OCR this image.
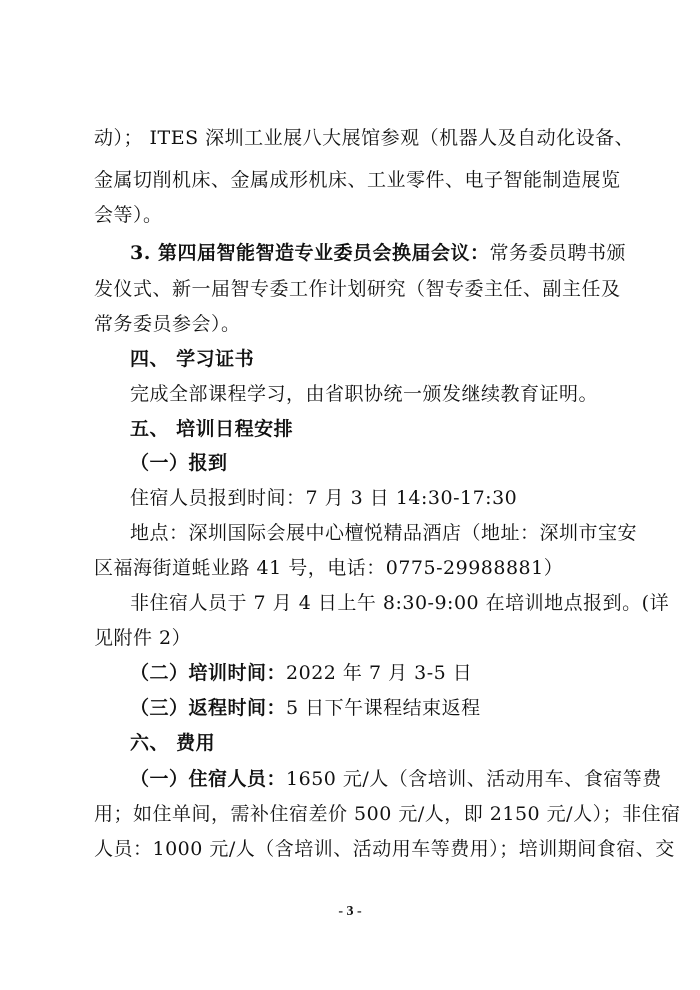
动）； ITES 深圳工业展八大展馆参观（机器人及自动化设备、
金属切削机床、金属成形机床、工业零件、电子智能制造展览
会等）。
3. 第四届智能智造专业委员会换届会议：常务委员聘书颁
发仪式、新一届智专委工作计划研究（智专委主任、副主任及
常务委员参会）。
四、 学习证书
完成全部课程学习，由省职协统一颁发继续教育证明。
五、 培训日程安排
（一）报到
住宿人员报到时间：7 月 3 日 14:30-17:30
地点：深圳国际会展中心檀悦精品酒店（地址：深圳市宝安
区福海街道蚝业路 41 号，电话：0775-29988881）
非住宿人员于 7 月 4 日上午 8:30-9:00 在培训地点报到。(详
见附件 2）
（二）培训时间：2022 年 7 月 3-5 日
（三）返程时间：5 日下午课程结束返程
六、 费用
（一）住宿人员：1650 元/人（含培训、活动用车、食宿等费
用；如住单间，需补住宿差价 500 元/人，即 2150 元/人）；非住宿
人员：1000 元/人（含培训、活动用车等费用）；培训期间食宿、交
- 3 -
